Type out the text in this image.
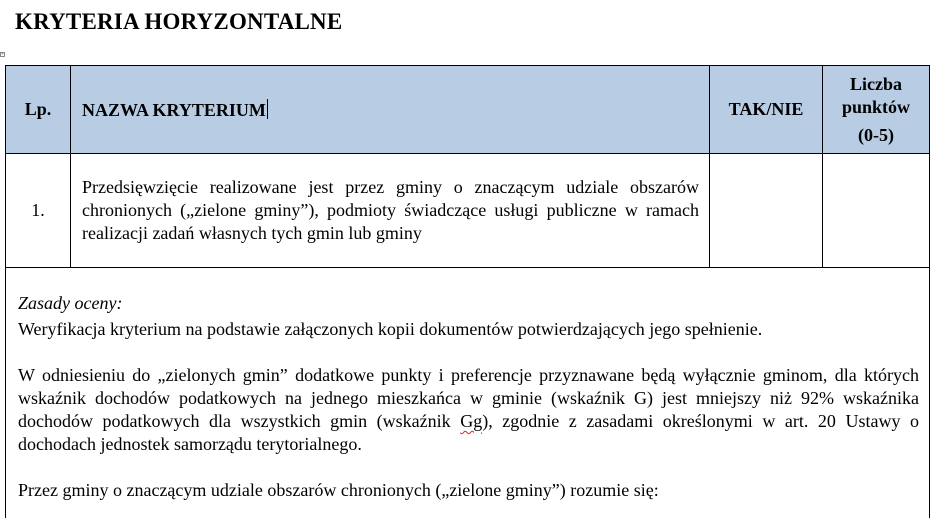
KRYTERIA HORYZONTALNE
+
Lp.	NAZWA KRYTERIUM	TAK/NIE	Liczba
punktów
(0-5)

1.	Przedsięwzięcie realizowane jest przez gminy o znaczącym udziale obszarów chronionych („zielone gminy”), podmioty świadczące usługi publiczne w ramach realizacji zadań własnych tych gmin lub gminy		

Zasady oceny:

Weryfikacja kryterium na podstawie załączonych kopii dokumentów potwierdzających jego spełnienie.

W odniesieniu do „zielonych gmin” dodatkowe punkty i preferencje przyznawane będą wyłącznie gminom, dla których wskaźnik dochodów podatkowych na jednego mieszkańca w gminie (wskaźnik G) jest mniejszy niż 92% wskaźnika dochodów podatkowych dla wszystkich gmin (wskaźnik Gg), zgodnie z zasadami określonymi w art. 20 Ustawy o dochodach jednostek samorządu terytorialnego.

Przez gminy o znaczącym udziale obszarów chronionych („zielone gminy”) rozumie się:			
